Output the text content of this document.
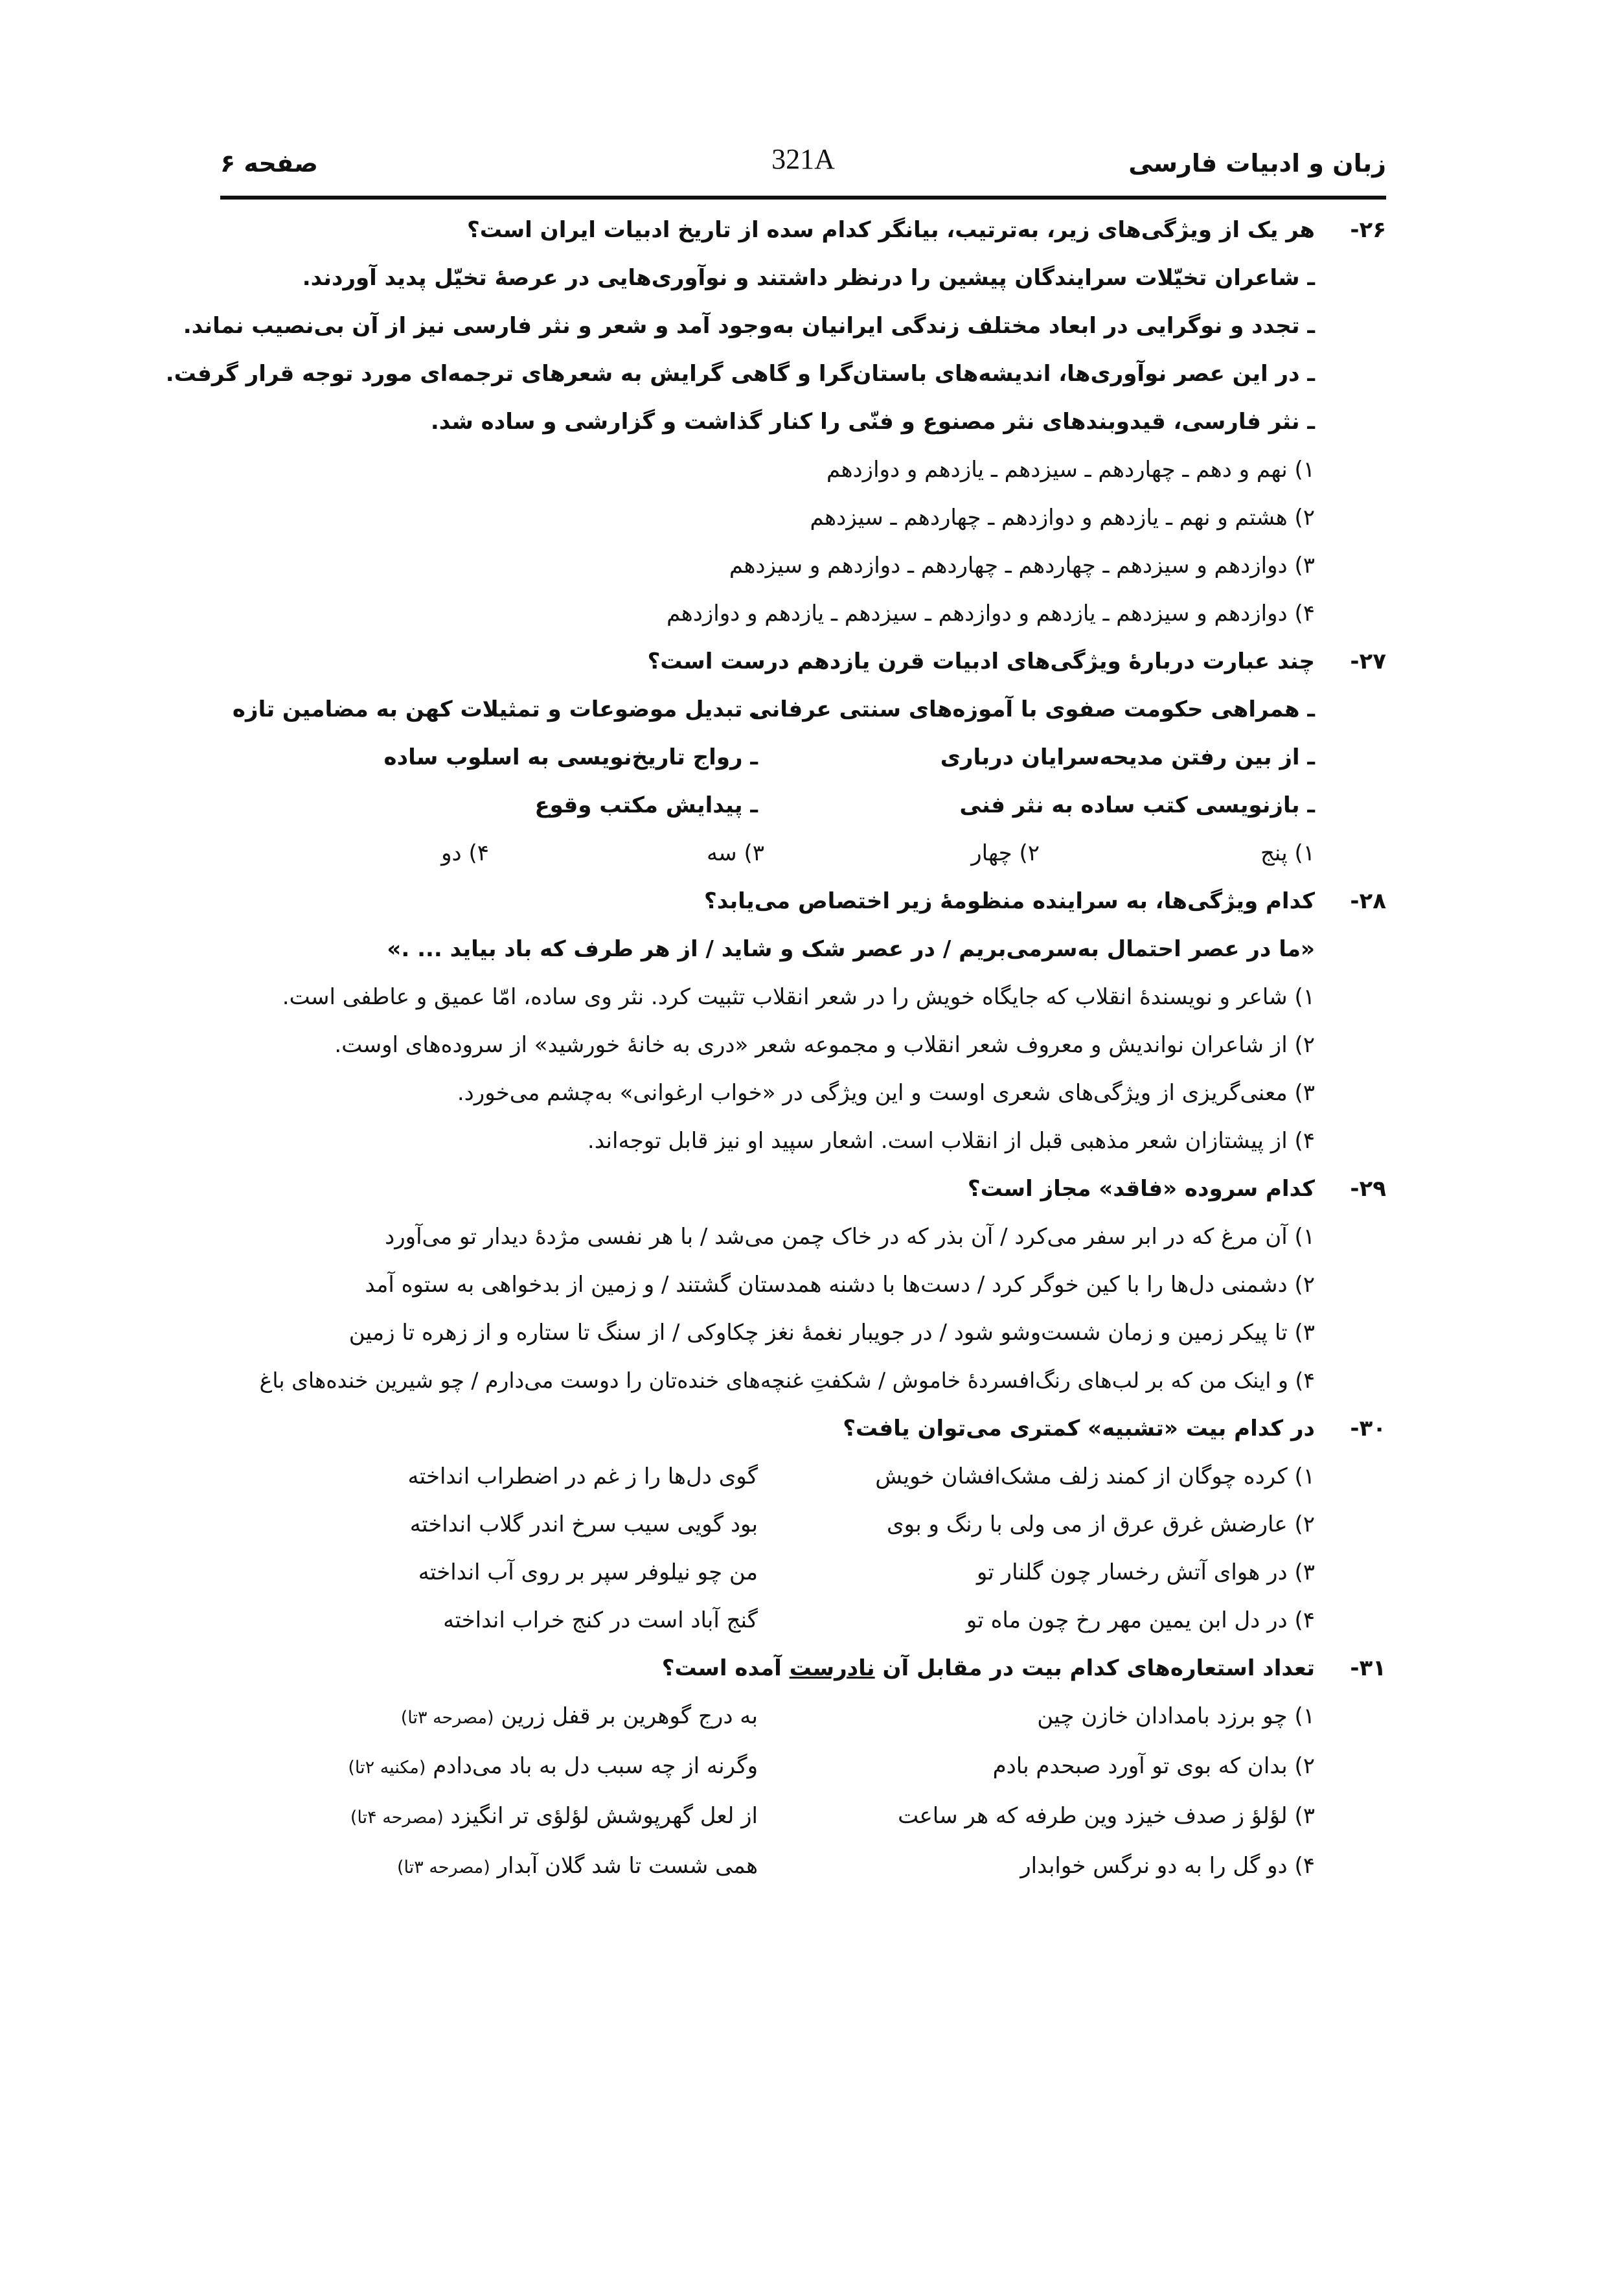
زبان و ادبیات فارسی
321A
صفحه ۶
۲۶-
هر یک از ویژگی‌های زیر، به‌ترتیب، بیانگر کدام سده از تاریخ ادبیات ایران است؟
ـ شاعران تخیّلات سرایندگان پیشین را درنظر داشتند و نوآوری‌هایی در عرصهٔ تخیّل پدید آوردند.
ـ تجدد و نوگرایی در ابعاد مختلف زندگی ایرانیان به‌وجود آمد و شعر و نثر فارسی نیز از آن بی‌نصیب نماند.
ـ در این عصر نوآوری‌ها، اندیشه‌های باستان‌گرا و گاهی گرایش به شعرهای ترجمه‌ای مورد توجه قرار گرفت.
ـ نثر فارسی، قیدوبندهای نثر مصنوع و فنّی را کنار گذاشت و گزارشی و ساده شد.
۱) نهم و دهم ـ چهاردهم ـ سیزدهم ـ یازدهم و دوازدهم
۲) هشتم و نهم ـ یازدهم و دوازدهم ـ چهاردهم ـ سیزدهم
۳) دوازدهم و سیزدهم ـ چهاردهم ـ چهاردهم ـ دوازدهم و سیزدهم
۴) دوازدهم و سیزدهم ـ یازدهم و دوازدهم ـ سیزدهم ـ یازدهم و دوازدهم
۲۷-
چند عبارت دربارهٔ ویژگی‌های ادبیات قرن یازدهم درست است؟
ـ همراهی حکومت صفوی با آموزه‌های سنتی عرفانی
ـ تبدیل موضوعات و تمثیلات کهن به مضامین تازه
ـ از بین رفتن مدیحه‌سرایان درباری
ـ رواج تاریخ‌نویسی به اسلوب ساده
ـ بازنویسی کتب ساده به نثر فنی
ـ پیدایش مکتب وقوع
۱) پنج
۲) چهار
۳) سه
۴) دو
۲۸-
کدام ویژگی‌ها، به سراینده منظومهٔ زیر اختصاص می‌یابد؟
«ما در عصر احتمال به‌سرمی‌بریم / در عصر شک و شاید / از هر طرف که باد بیاید ... .»
۱) شاعر و نویسندهٔ انقلاب که جایگاه خویش را در شعر انقلاب تثبیت کرد. نثر وی ساده، امّا عمیق و عاطفی است.
۲) از شاعران نواندیش و معروف شعر انقلاب و مجموعه شعر «دری به خانهٔ خورشید» از سروده‌های اوست.
۳) معنی‌گریزی از ویژگی‌های شعری اوست و این ویژگی در «خواب ارغوانی» به‌چشم می‌خورد.
۴) از پیشتازان شعر مذهبی قبل از انقلاب است. اشعار سپید او نیز قابل توجه‌اند.
۲۹-
کدام سروده «فاقد» مجاز است؟
۱) آن مرغ که در ابر سفر می‌کرد / آن بذر که در خاک چمن می‌شد / با هر نفسی مژدهٔ دیدار تو می‌آورد
۲) دشمنی دل‌ها را با کین خوگر کرد / دست‌ها با دشنه همدستان گشتند / و زمین از بدخواهی به ستوه آمد
۳) تا پیکر زمین و زمان شست‌وشو شود / در جویبار نغمهٔ نغز چکاوکی / از سنگ تا ستاره و از زهره تا زمین
۴) و اینک من که بر لب‌های رنگ‌افسردهٔ خاموش / شکفتِ غنچه‌های خنده‌تان را دوست می‌دارم / چو شیرین خنده‌های باغ
۳۰-
در کدام بیت «تشبیه» کمتری می‌توان یافت؟
۱) کرده چوگان از کمند زلف مشک‌افشان خویش
گوی دل‌ها را ز غم در اضطراب انداخته
۲) عارضش غرق عرق از می ولی با رنگ و بوی
بود گویی سیب سرخ اندر گلاب انداخته
۳) در هوای آتش رخسار چون گلنار تو
من چو نیلوفر سپر بر روی آب انداخته
۴) در دل ابن یمین مهر رخ چون ماه تو
گنج آباد است در کنج خراب انداخته
۳۱-
تعداد استعاره‌های کدام بیت در مقابل آن نادرست آمده است؟
۱) چو برزد بامدادان خازن چین
به درج گوهرین بر قفل زرین (مصرحه ۳تا)
۲) بدان که بوی تو آورد صبحدم بادم
وگرنه از چه سبب دل به باد می‌دادم (مکنیه ۲تا)
۳) لؤلؤ ز صدف خیزد وین طرفه که هر ساعت
از لعل گهرپوشش لؤلؤی تر انگیزد (مصرحه ۴تا)
۴) دو گل را به دو نرگس خوابدار
همی شست تا شد گلان آبدار (مصرحه ۳تا)
